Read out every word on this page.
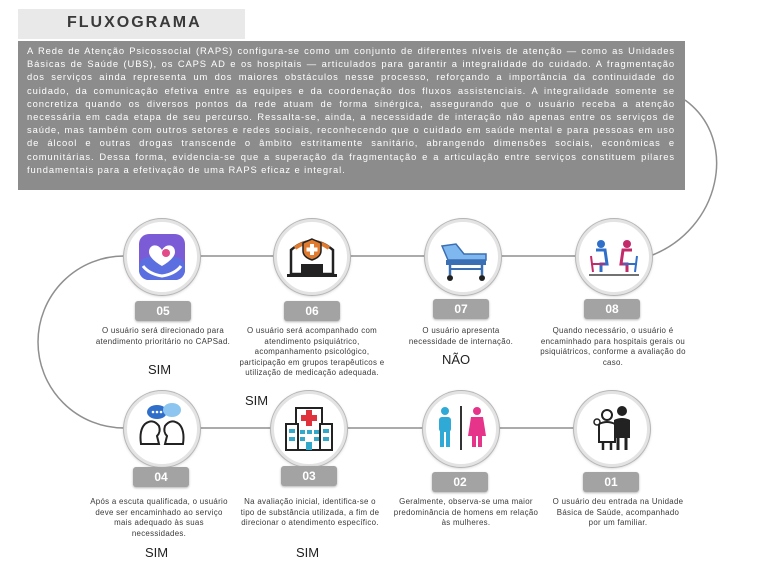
FLUXOGRAMA
A Rede de Atenção Psicossocial (RAPS) configura-se como um conjunto de diferentes níveis de atenção — como as Unidades Básicas de Saúde (UBS), os CAPS AD e os hospitais — articulados para garantir a integralidade do cuidado. A fragmentação dos serviços ainda representa um dos maiores obstáculos nesse processo, reforçando a importância da continuidade do cuidado, da comunicação efetiva entre as equipes e da coordenação dos fluxos assistenciais. A integralidade somente se concretiza quando os diversos pontos da rede atuam de forma sinérgica, assegurando que o usuário receba a atenção necessária em cada etapa de seu percurso. Ressalta-se, ainda, a necessidade de interação não apenas entre os serviços de saúde, mas também com outros setores e redes sociais, reconhecendo que o cuidado em saúde mental e para pessoas em uso de álcool e outras drogas transcende o âmbito estritamente sanitário, abrangendo dimensões sociais, econômicas e comunitárias. Dessa forma, evidencia-se que a superação da fragmentação e a articulação entre serviços constituem pilares fundamentais para a efetivação de uma RAPS eficaz e integral.
05
O usuário será direcionado para atendimento prioritário no CAPSad.
SIM
06
O usuário será acompanhado com atendimento psiquiátrico, acompanhamento psicológico, participação em grupos terapêuticos e utilização de medicação adequada.
SIM
07
O usuário apresenta necessidade de internação.
NÃO
08
Quando necessário, o usuário é encaminhado para hospitais gerais ou psiquiátricos, conforme a avaliação do caso.
04
Após a escuta qualificada, o usuário deve ser encaminhado ao serviço mais adequado às suas necessidades.
SIM
03
Na avaliação inicial, identifica-se o tipo de substância utilizada, a fim de direcionar o atendimento específico.
SIM
02
Geralmente, observa-se uma maior predominância de homens em relação às mulheres.
01
O usuário deu entrada na Unidade Básica de Saúde, acompanhado por um familiar.
